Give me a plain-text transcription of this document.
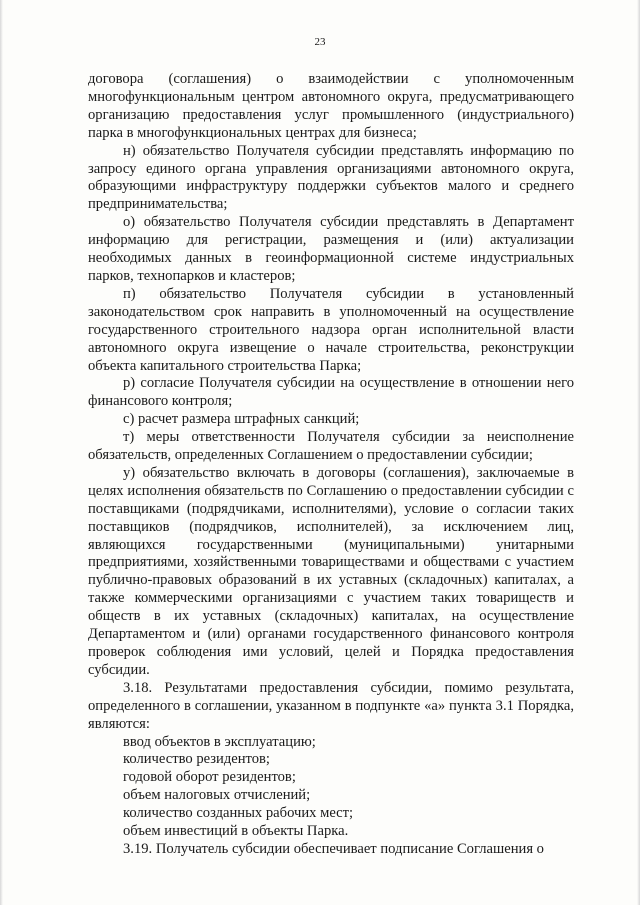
23

договора (соглашения) о взаимодействии с уполномоченным многофункциональным центром автономного округа, предусматривающего организацию предоставления услуг промышленного (индустриального) парка в многофункциональных центрах для бизнеса;

н) обязательство Получателя субсидии представлять информацию по запросу единого органа управления организациями автономного округа, образующими инфраструктуру поддержки субъектов малого и среднего предпринимательства;

о) обязательство Получателя субсидии представлять в Департамент информацию для регистрации, размещения и (или) актуализации необходимых данных в геоинформационной системе индустриальных парков, технопарков и кластеров;

п) обязательство Получателя субсидии в установленный законодательством срок направить в уполномоченный на осуществление государственного строительного надзора орган исполнительной власти автономного округа извещение о начале строительства, реконструкции объекта капитального строительства Парка;

р) согласие Получателя субсидии на осуществление в отношении него финансового контроля;

с) расчет размера штрафных санкций;

т) меры ответственности Получателя субсидии за неисполнение обязательств, определенных Соглашением о предоставлении субсидии;

у) обязательство включать в договоры (соглашения), заключаемые в целях исполнения обязательств по Соглашению о предоставлении субсидии с поставщиками (подрядчиками, исполнителями), условие о согласии таких поставщиков (подрядчиков, исполнителей), за исключением лиц, являющихся государственными (муниципальными) унитарными предприятиями, хозяйственными товариществами и обществами с участием публично-правовых образований в их уставных (складочных) капиталах, а также коммерческими организациями с участием таких товариществ и обществ в их уставных (складочных) капиталах, на осуществление Департаментом и (или) органами государственного финансового контроля проверок соблюдения ими условий, целей и Порядка предоставления субсидии.

3.18. Результатами предоставления субсидии, помимо результата, определенного в соглашении, указанном в подпункте «а» пункта 3.1 Порядка, являются:

ввод объектов в эксплуатацию;

количество резидентов;

годовой оборот резидентов;

объем налоговых отчислений;

количество созданных рабочих мест;

объем инвестиций в объекты Парка.

3.19. Получатель субсидии обеспечивает подписание Соглашения о
